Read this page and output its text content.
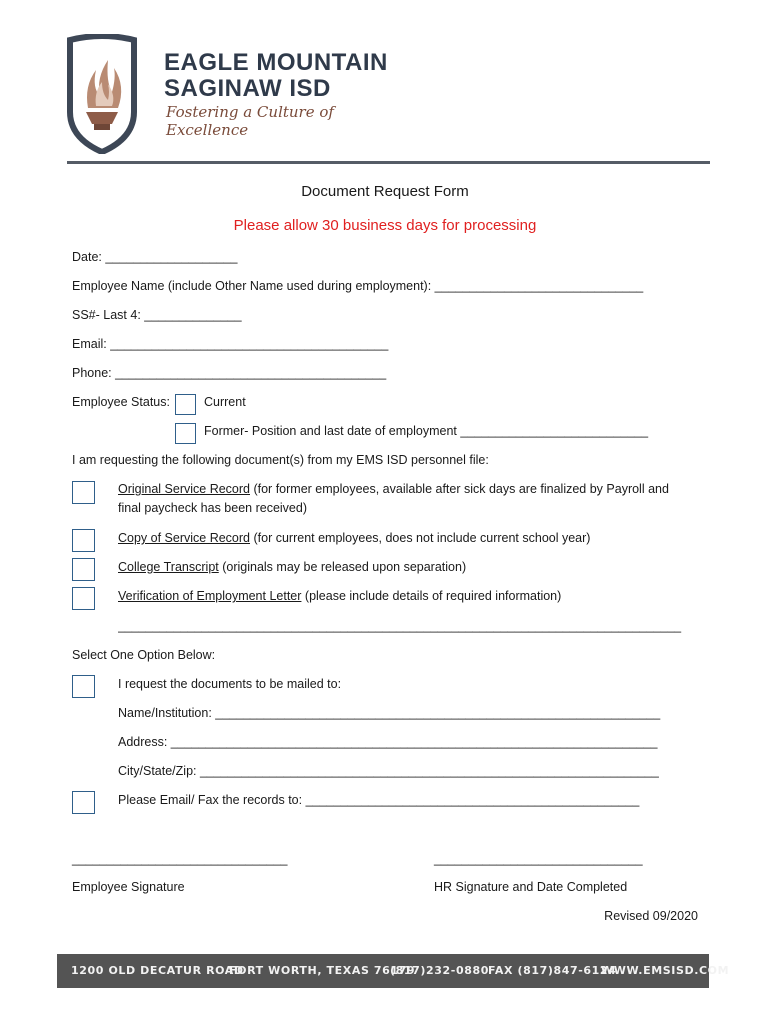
EAGLE MOUNTAIN
SAGINAW ISD
Fostering a Culture of Excellence
Document Request Form
Please allow 30 business days for processing
Date: ___________________
Employee Name (include Other Name used during employment): ______________________________
SS#- Last 4: ______________
Email: ________________________________________
Phone: _______________________________________
Employee Status:	Current
Former- Position and last date of employment ___________________________
I am requesting the following document(s) from my EMS ISD personnel file:
Original Service Record (for former employees, available after sick days are finalized by Payroll and
final paycheck has been received)
Copy of Service Record (for current employees, does not include current school year)
College Transcript (originals may be released upon separation)
Verification of Employment Letter (please include details of required information)
_________________________________________________________________________________
Select One Option Below:
I request the documents to be mailed to:
Name/Institution: ________________________________________________________________
Address: ______________________________________________________________________
City/State/Zip: __________________________________________________________________
Please Email/ Fax the records to: ________________________________________________
_______________________________	______________________________
Employee Signature	HR Signature and Date Completed
Revised 09/2020
1200 OLD DECATUR ROAD
FORT WORTH, TEXAS 76179
(817)232-0880 FAX (817)847-6124
WWW.EMSISD.COM
